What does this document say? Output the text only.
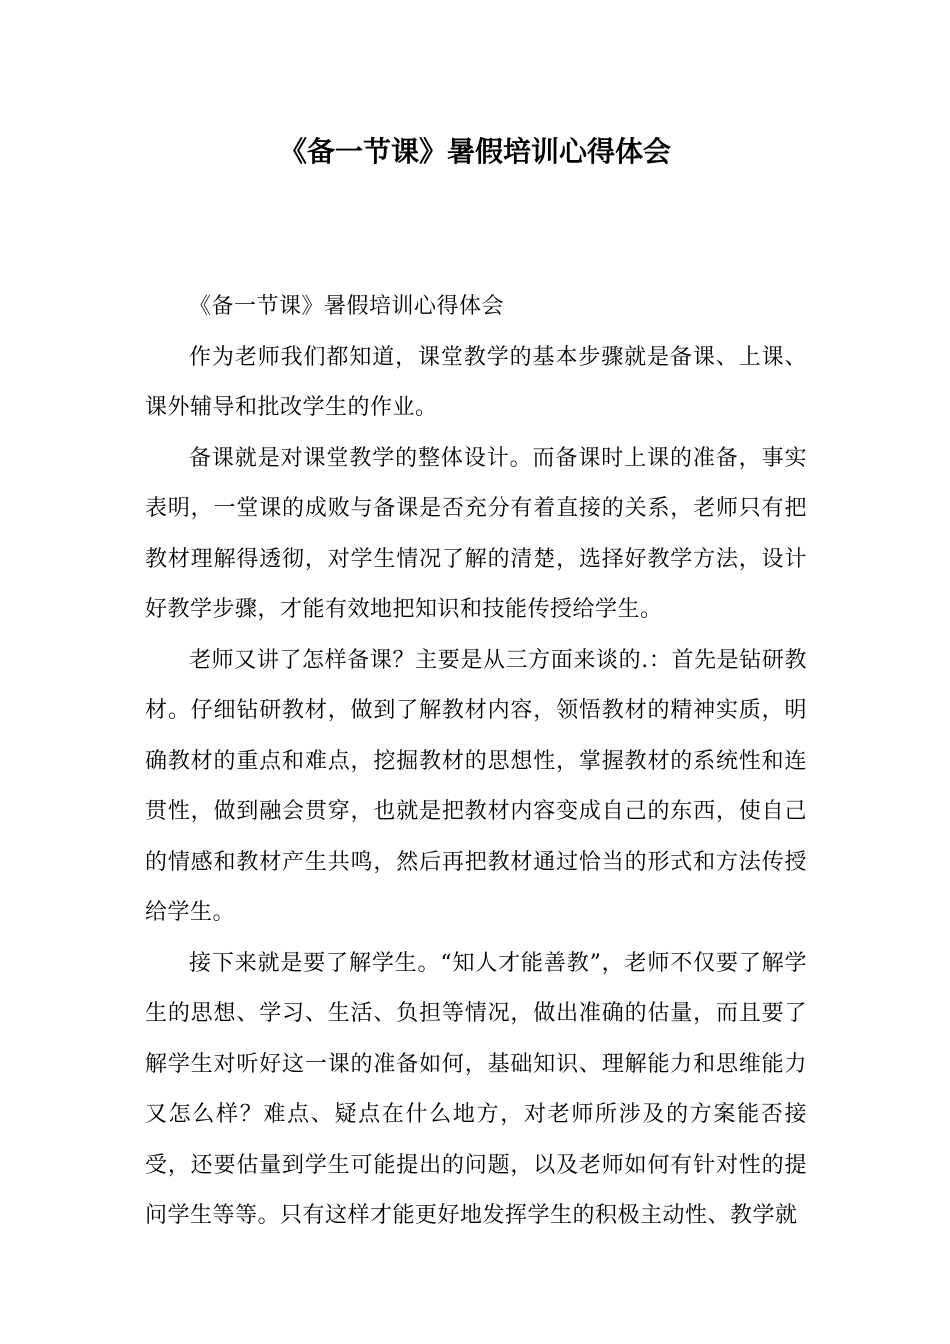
《备一节课》暑假培训心得体会

《备一节课》暑假培训心得体会

作为老师我们都知道，课堂教学的基本步骤就是备课、上课、课外辅导和批改学生的作业。

备课就是对课堂教学的整体设计。而备课时上课的准备，事实表明，一堂课的成败与备课是否充分有着直接的关系，老师只有把教材理解得透彻，对学生情况了解的清楚，选择好教学方法，设计好教学步骤，才能有效地把知识和技能传授给学生。

老师又讲了怎样备课？主要是从三方面来谈的.：首先是钻研教材。仔细钻研教材，做到了解教材内容，领悟教材的精神实质，明确教材的重点和难点，挖掘教材的思想性，掌握教材的系统性和连贯性，做到融会贯穿，也就是把教材内容变成自己的东西，使自己的情感和教材产生共鸣，然后再把教材通过恰当的形式和方法传授给学生。

接下来就是要了解学生。“知人才能善教”，老师不仅要了解学生的思想、学习、生活、负担等情况，做出准确的估量，而且要了解学生对听好这一课的准备如何，基础知识、理解能力和思维能力又怎么样？难点、疑点在什么地方，对老师所涉及的方案能否接受，还要估量到学生可能提出的问题，以及老师如何有针对性的提问学生等等。只有这样才能更好地发挥学生的积极主动性、教学就
